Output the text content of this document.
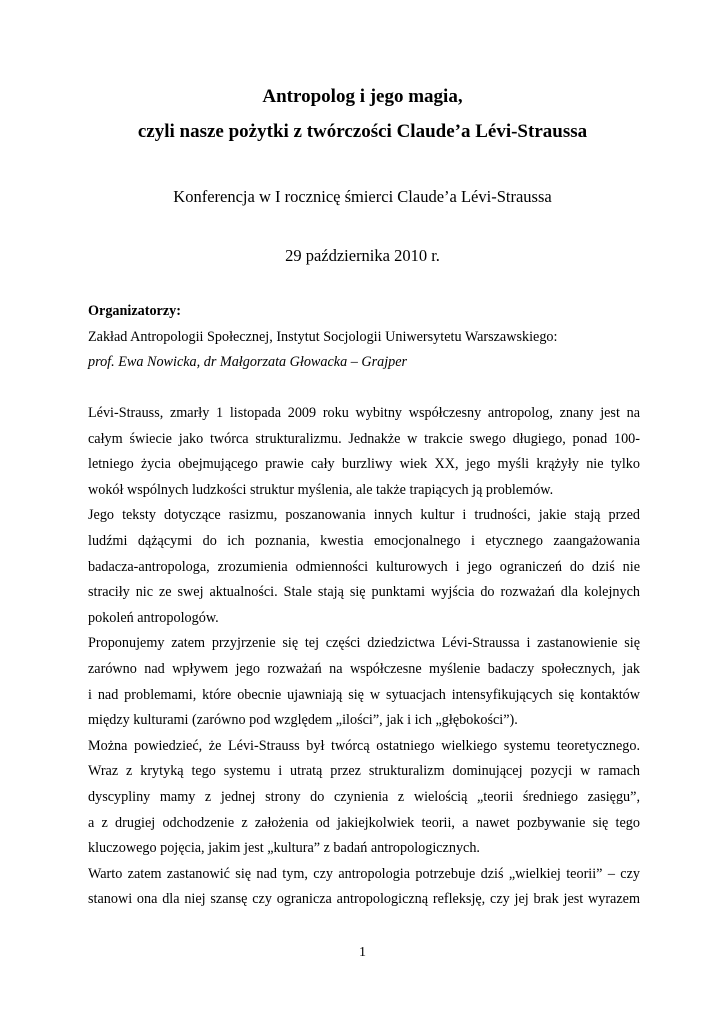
Antropolog i jego magia,
czyli nasze pożytki z twórczości Claude’a Lévi-Straussa
Konferencja w I rocznicę śmierci Claude’a Lévi-Straussa
29 października 2010 r.
Organizatorzy:
Zakład Antropologii Społecznej, Instytut Socjologii Uniwersytetu Warszawskiego:
prof. Ewa Nowicka, dr Małgorzata Głowacka – Grajper
Lévi-Strauss, zmarły 1 listopada 2009 roku wybitny współczesny antropolog, znany jest na
całym świecie jako twórca strukturalizmu. Jednakże w trakcie swego długiego, ponad 100-
letniego życia obejmującego prawie cały burzliwy wiek XX, jego myśli krążyły nie tylko
wokół wspólnych ludzkości struktur myślenia, ale także trapiących ją problemów.
Jego teksty dotyczące rasizmu, poszanowania innych kultur i trudności, jakie stają przed
ludźmi dążącymi do ich poznania, kwestia emocjonalnego i etycznego zaangażowania
badacza-antropologa, zrozumienia odmienności kulturowych i jego ograniczeń do dziś nie
straciły nic ze swej aktualności. Stale stają się punktami wyjścia do rozważań dla kolejnych
pokoleń antropologów.
Proponujemy zatem przyjrzenie się tej części dziedzictwa Lévi-Straussa i zastanowienie się
zarówno nad wpływem jego rozważań na współczesne myślenie badaczy społecznych, jak
i nad problemami, które obecnie ujawniają się w sytuacjach intensyfikujących się kontaktów
między kulturami (zarówno pod względem „ilości”, jak i ich „głębokości”).
Można powiedzieć, że Lévi-Strauss był twórcą ostatniego wielkiego systemu teoretycznego.
Wraz z krytyką tego systemu i utratą przez strukturalizm dominującej pozycji w ramach
dyscypliny mamy z jednej strony do czynienia z wielością „teorii średniego zasięgu”,
a z drugiej odchodzenie z założenia od jakiejkolwiek teorii, a nawet pozbywanie się tego
kluczowego pojęcia, jakim jest „kultura” z badań antropologicznych.
Warto zatem zastanowić się nad tym, czy antropologia potrzebuje dziś „wielkiej teorii” – czy
stanowi ona dla niej szansę czy ogranicza antropologiczną refleksję, czy jej brak jest wyrazem
1
